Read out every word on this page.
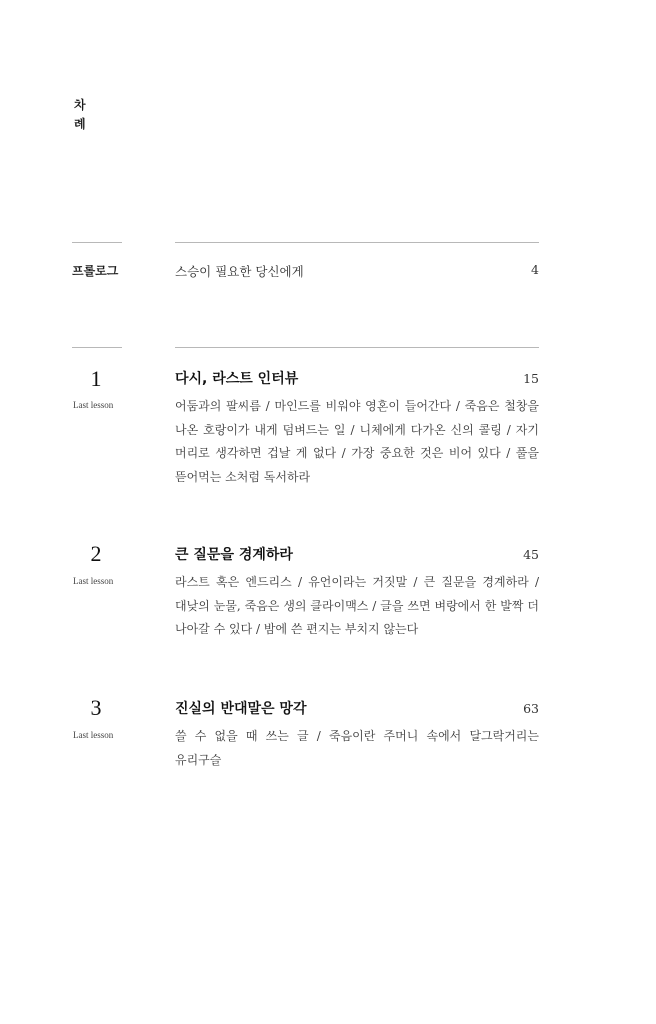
차례
프롤로그	스승이 필요한 당신에게	4
1
Last lesson
다시, 라스트 인터뷰	15
어둠과의 팔씨름 / 마인드를 비워야 영혼이 들어간다 / 죽음은 철창을 나온 호랑이가 내게 덤벼드는 일 / 니체에게 다가온 신의 콜링 / 자기 머리로 생각하면 겁날 게 없다 / 가장 중요한 것은 비어 있다 / 풀을 뜯어먹는 소처럼 독서하라
2
Last lesson
큰 질문을 경계하라	45
라스트 혹은 엔드리스 / 유언이라는 거짓말 / 큰 질문을 경계하라 / 대낮의 눈물, 죽음은 생의 클라이맥스 / 글을 쓰면 벼랑에서 한 발짝 더 나아갈 수 있다 / 밤에 쓴 편지는 부치지 않는다
3
Last lesson
진실의 반대말은 망각	63
쓸 수 없을 때 쓰는 글 / 죽음이란 주머니 속에서 달그락거리는 유리구슬
